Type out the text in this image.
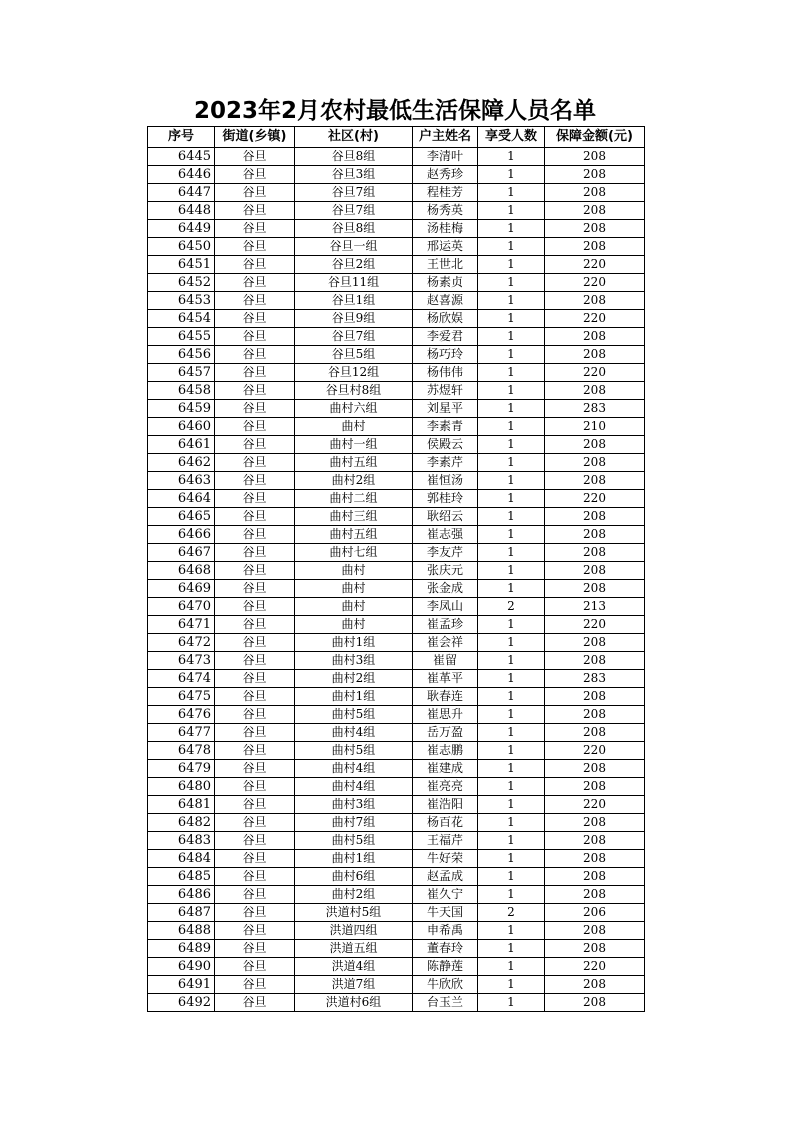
2023年2月农村最低生活保障人员名单
序号	街道(乡镇)	社区(村)	户主姓名	享受人数	保障金额(元)
6445	谷旦	谷旦8组	李清叶	1	208
6446	谷旦	谷旦3组	赵秀珍	1	208
6447	谷旦	谷旦7组	程桂芳	1	208
6448	谷旦	谷旦7组	杨秀英	1	208
6449	谷旦	谷旦8组	汤桂梅	1	208
6450	谷旦	谷旦一组	邢运英	1	208
6451	谷旦	谷旦2组	王世北	1	220
6452	谷旦	谷旦11组	杨素贞	1	220
6453	谷旦	谷旦1组	赵喜源	1	208
6454	谷旦	谷旦9组	杨欣娱	1	220
6455	谷旦	谷旦7组	李爱君	1	208
6456	谷旦	谷旦5组	杨巧玲	1	208
6457	谷旦	谷旦12组	杨伟伟	1	220
6458	谷旦	谷旦村8组	苏煜轩	1	208
6459	谷旦	曲村六组	刘星平	1	283
6460	谷旦	曲村	李素青	1	210
6461	谷旦	曲村一组	侯殿云	1	208
6462	谷旦	曲村五组	李素芹	1	208
6463	谷旦	曲村2组	崔恒汤	1	208
6464	谷旦	曲村二组	郭桂玲	1	220
6465	谷旦	曲村三组	耿绍云	1	208
6466	谷旦	曲村五组	崔志强	1	208
6467	谷旦	曲村七组	李友芹	1	208
6468	谷旦	曲村	张庆元	1	208
6469	谷旦	曲村	张金成	1	208
6470	谷旦	曲村	李凤山	2	213
6471	谷旦	曲村	崔孟珍	1	220
6472	谷旦	曲村1组	崔会祥	1	208
6473	谷旦	曲村3组	崔留	1	208
6474	谷旦	曲村2组	崔革平	1	283
6475	谷旦	曲村1组	耿春连	1	208
6476	谷旦	曲村5组	崔思升	1	208
6477	谷旦	曲村4组	岳万盈	1	208
6478	谷旦	曲村5组	崔志鹏	1	220
6479	谷旦	曲村4组	崔建成	1	208
6480	谷旦	曲村4组	崔亮亮	1	208
6481	谷旦	曲村3组	崔浩阳	1	220
6482	谷旦	曲村7组	杨百花	1	208
6483	谷旦	曲村5组	王福芹	1	208
6484	谷旦	曲村1组	牛好荣	1	208
6485	谷旦	曲村6组	赵孟成	1	208
6486	谷旦	曲村2组	崔久宁	1	208
6487	谷旦	洪道村5组	牛天国	2	206
6488	谷旦	洪道四组	申希禹	1	208
6489	谷旦	洪道五组	董春玲	1	208
6490	谷旦	洪道4组	陈静莲	1	220
6491	谷旦	洪道7组	牛欣欣	1	208
6492	谷旦	洪道村6组	台玉兰	1	208
